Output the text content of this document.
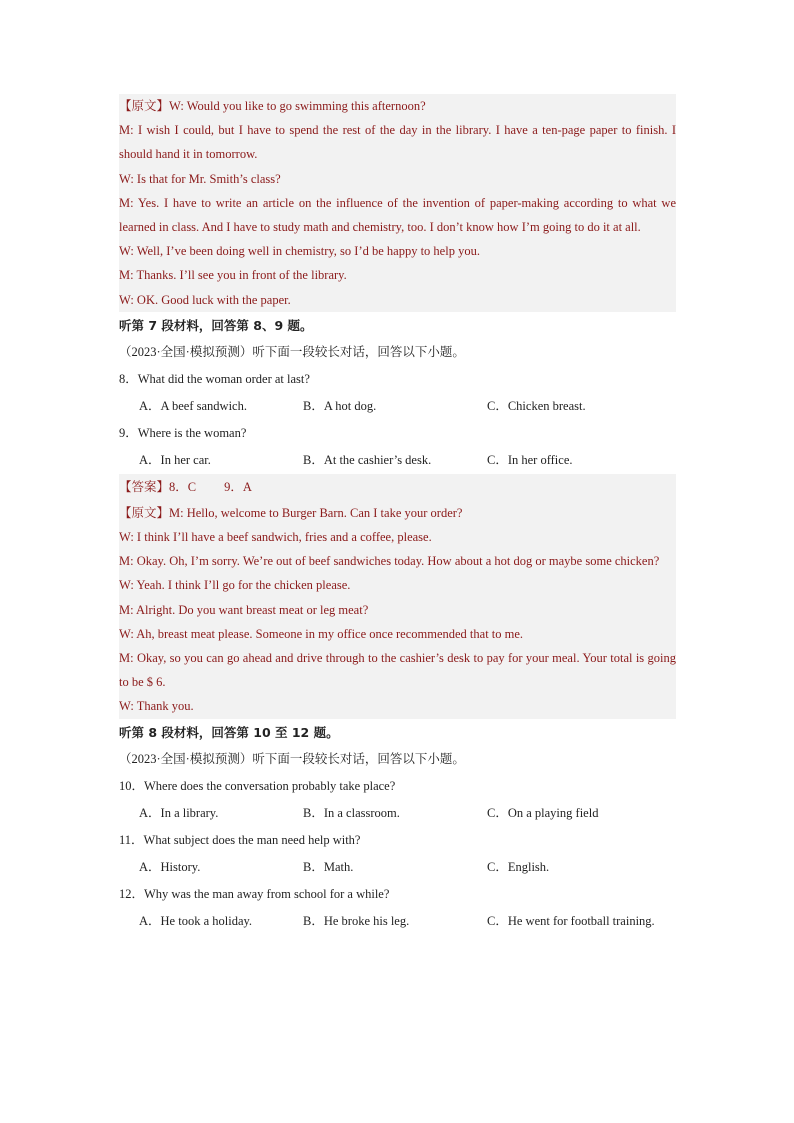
【原文】W: Would you like to go swimming this afternoon?
M: I wish I could, but I have to spend the rest of the day in the library. I have a ten-page paper to finish. I should hand it in tomorrow.
W: Is that for Mr. Smith’s class?
M: Yes. I have to write an article on the influence of the invention of paper-making according to what we learned in class. And I have to study math and chemistry, too. I don’t know how I’m going to do it at all.
W: Well, I’ve been doing well in chemistry, so I’d be happy to help you.
M: Thanks. I’ll see you in front of the library.
W: OK. Good luck with the paper.
听第 7 段材料，回答第 8、9 题。
（2023·全国·模拟预测）听下面一段较长对话，回答以下小题。
8．What did the woman order at last?
A．A beef sandwich.	B．A hot dog.	C．Chicken breast.
9．Where is the woman?
A．In her car.	B．At the cashier’s desk.	C．In her office.
【答案】8．C 9．A
【原文】M: Hello, welcome to Burger Barn. Can I take your order?
W: I think I’ll have a beef sandwich, fries and a coffee, please.
M: Okay. Oh, I’m sorry. We’re out of beef sandwiches today. How about a hot dog or maybe some chicken?
W: Yeah. I think I’ll go for the chicken please.
M: Alright. Do you want breast meat or leg meat?
W: Ah, breast meat please. Someone in my office once recommended that to me.
M: Okay, so you can go ahead and drive through to the cashier’s desk to pay for your meal. Your total is going to be $ 6.
W: Thank you.
听第 8 段材料，回答第 10 至 12 题。
（2023·全国·模拟预测）听下面一段较长对话，回答以下小题。
10．Where does the conversation probably take place?
A．In a library.	B．In a classroom.	C．On a playing field
11．What subject does the man need help with?
A．History.	B．Math.	C．English.
12．Why was the man away from school for a while?
A．He took a holiday.	B．He broke his leg.	C．He went for football training.
